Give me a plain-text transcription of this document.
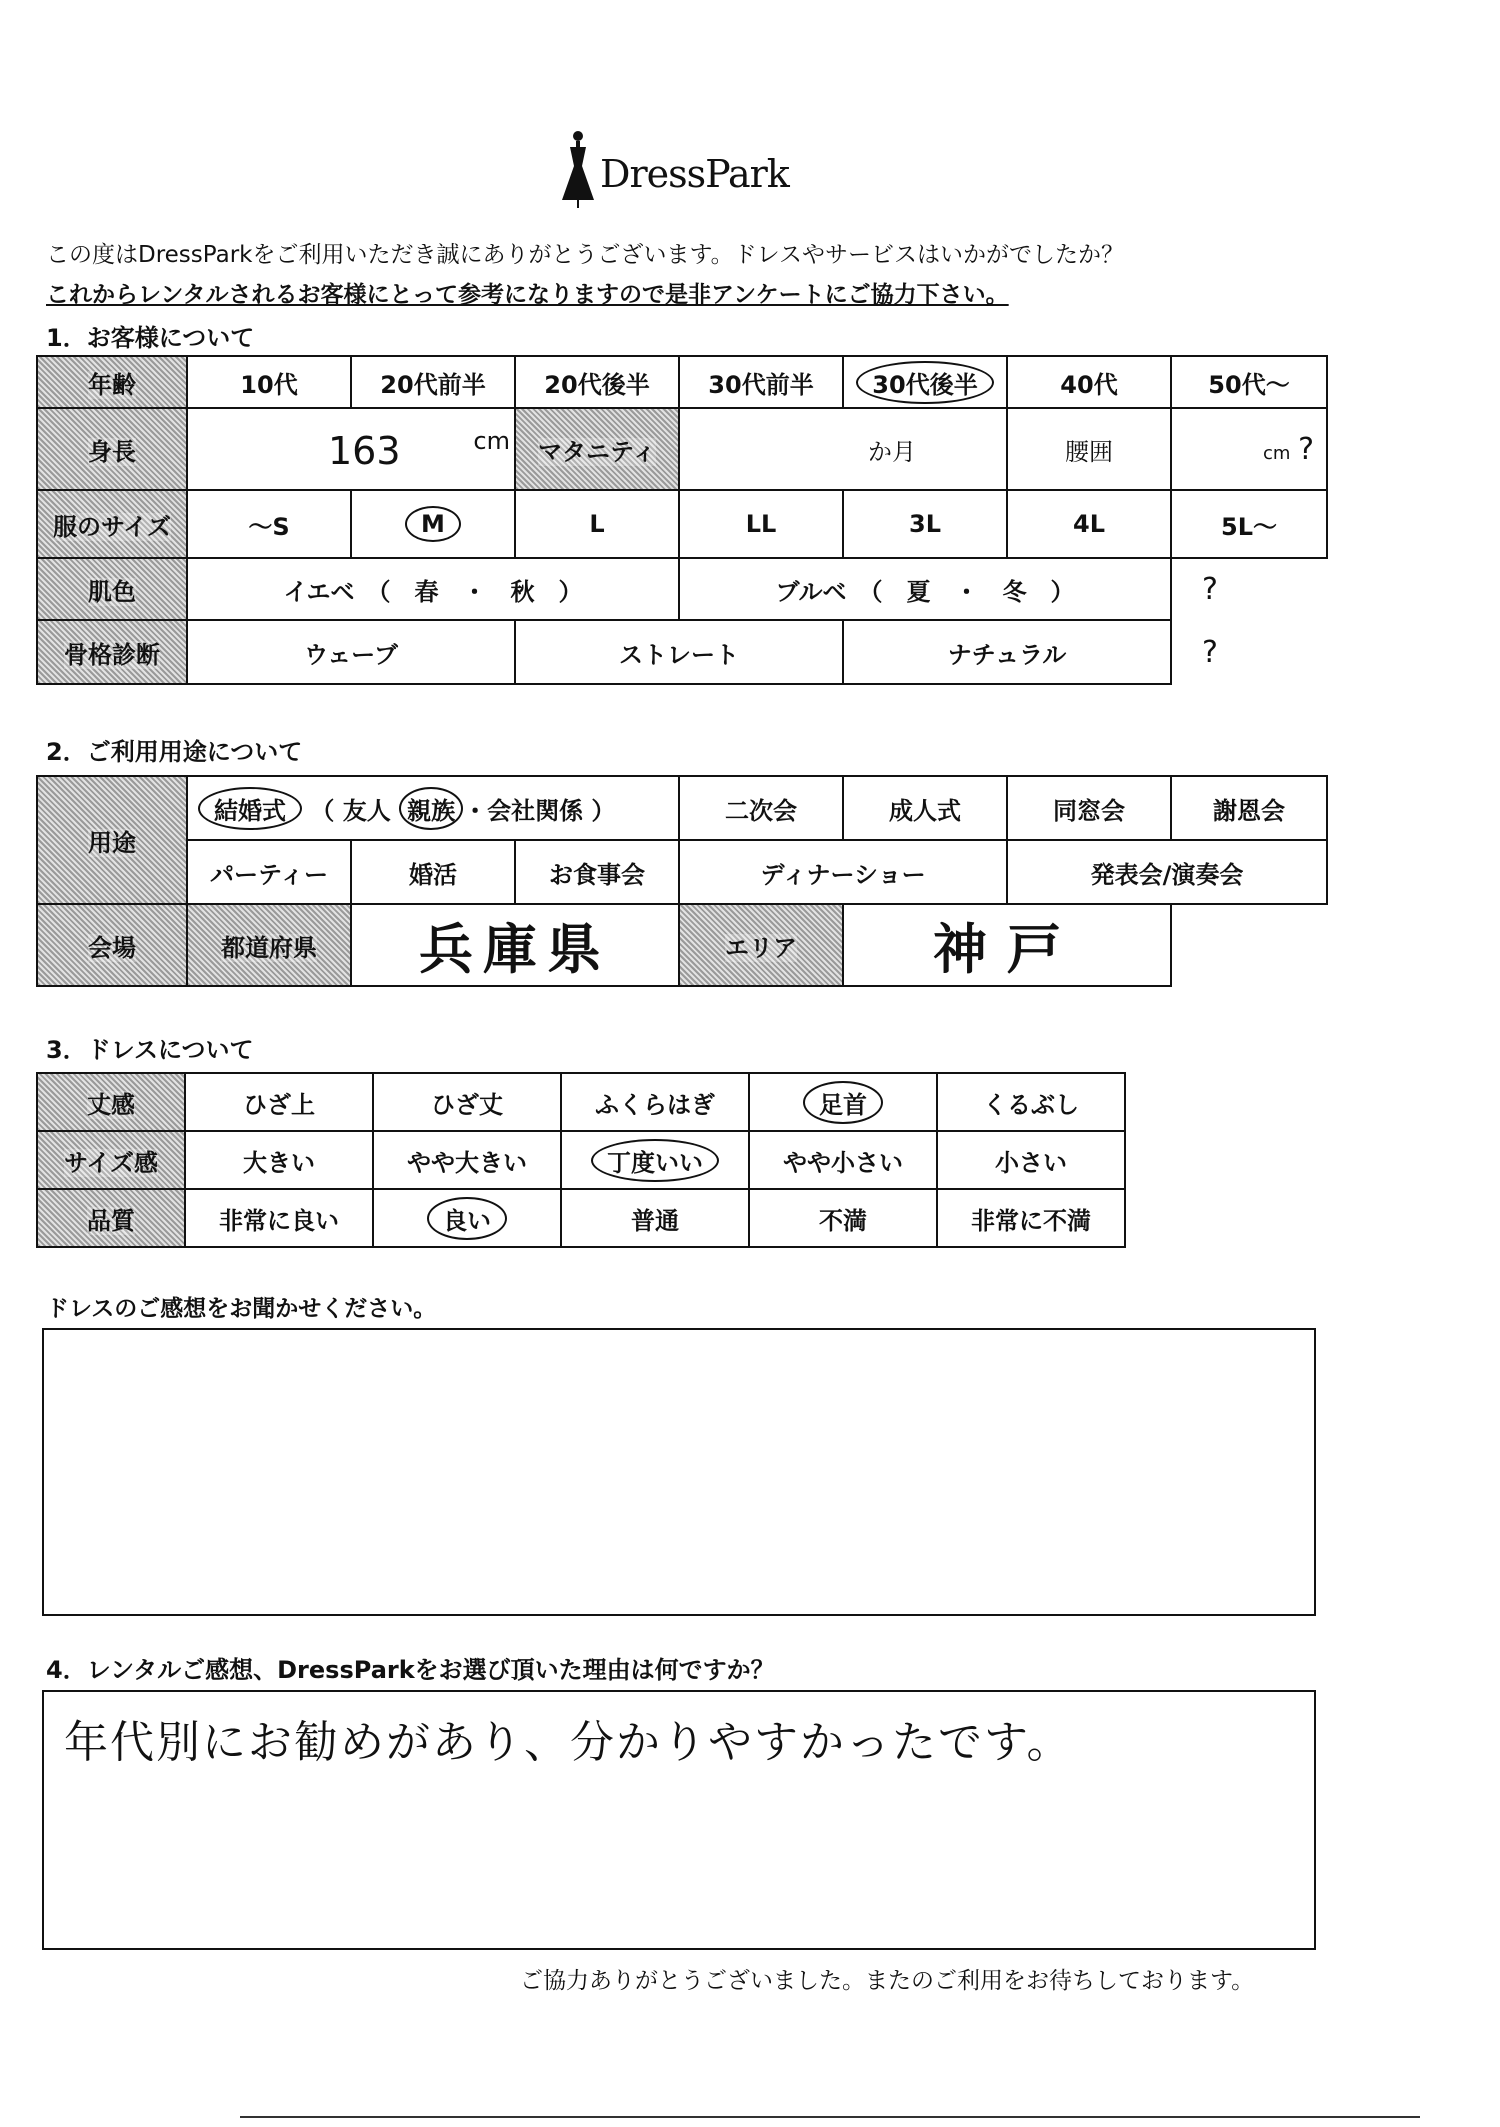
DressPark
この度はDressParkをご利用いただき誠にありがとうございます。ドレスやサービスはいかがでしたか？
これからレンタルされるお客様にとって参考になりますので是非アンケートにご協力下さい。
1．お客様について
年齢	10代	20代前半	20代後半	30代前半	30代後半	40代	50代～
身長	163 cm		マタニティ	か月		腰囲	cm ?
服のサイズ	～S	M	L	LL	3L	4L	5L～
肌色	イエベ　（　春　・　秋　）			ブルベ　（　夏　・　冬　）			?
骨格診断	ウェーブ		ストレート		ナチュラル		?
2．ご利用用途について
用途	結婚式 （ 友人 親族 ・会社関係 ）			二次会	成人式	同窓会	謝恩会
	パーティー	婚活	お食事会	ディナーショー		発表会/演奏会	
会場	都道府県	兵庫県		エリア	神戸		
3．ドレスについて
丈感	ひざ上	ひざ丈	ふくらはぎ	足首	くるぶし
サイズ感	大きい	やや大きい	丁度いい	やや小さい	小さい
品質	非常に良い	良い	普通	不満	非常に不満
ドレスのご感想をお聞かせください。
4．レンタルご感想、DressParkをお選び頂いた理由は何ですか？
年代別にお勧めがあり、分かりやすかったです。
ご協力ありがとうございました。またのご利用をお待ちしております。
